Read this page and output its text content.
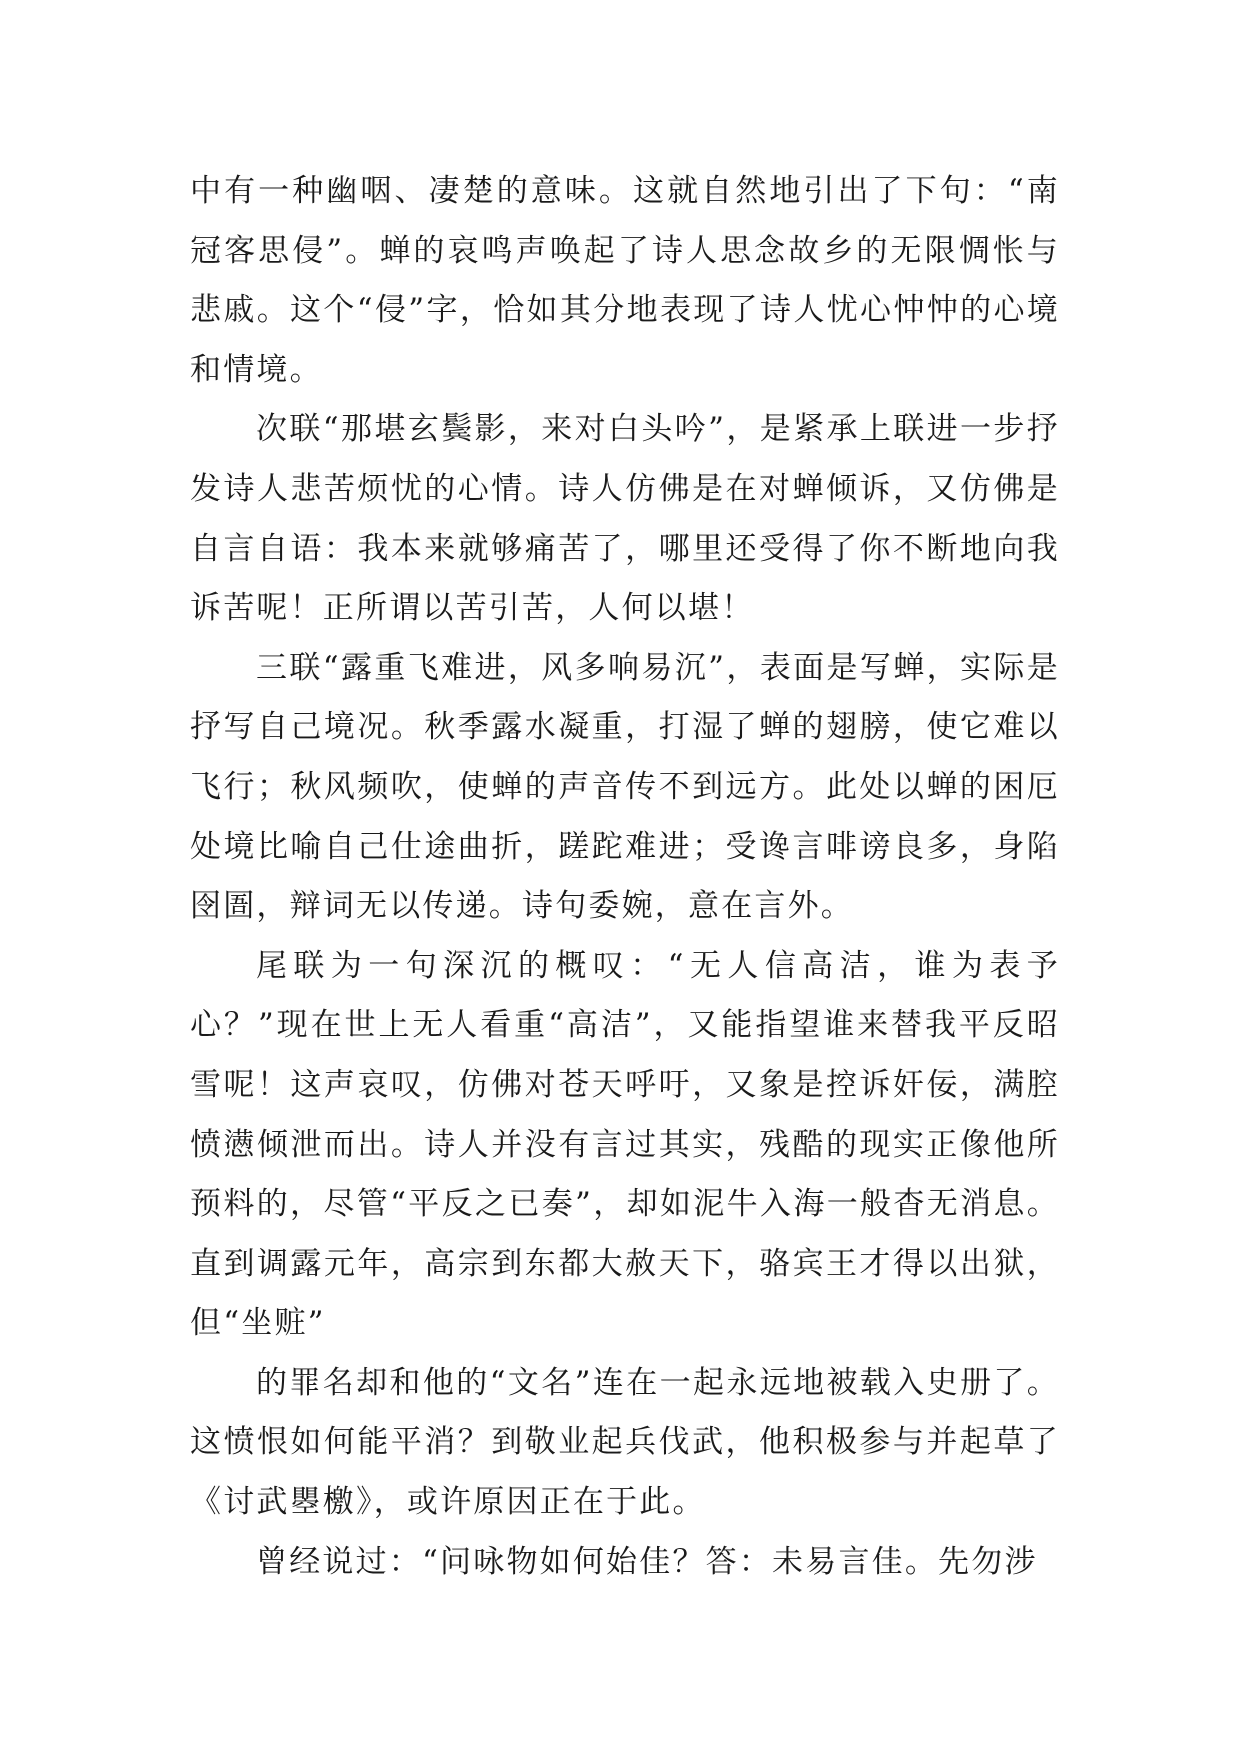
中有一种幽咽、凄楚的意味。这就自然地引出了下句：“南冠客思侵”。蝉的哀鸣声唤起了诗人思念故乡的无限惆怅与悲戚。这个“侵”字，恰如其分地表现了诗人忧心忡忡的心境和情境。

次联“那堪玄鬓影，来对白头吟”，是紧承上联进一步抒发诗人悲苦烦忧的心情。诗人仿佛是在对蝉倾诉，又仿佛是自言自语：我本来就够痛苦了，哪里还受得了你不断地向我诉苦呢！正所谓以苦引苦，人何以堪！

三联“露重飞难进，风多响易沉”，表面是写蝉，实际是抒写自己境况。秋季露水凝重，打湿了蝉的翅膀，使它难以飞行；秋风频吹，使蝉的声音传不到远方。此处以蝉的困厄处境比喻自己仕途曲折，蹉跎难进；受谗言啡谤良多，身陷囹圄，辩词无以传递。诗句委婉，意在言外。

尾联为一句深沉的概叹：“无人信高洁，谁为表予心？”现在世上无人看重“高洁”，又能指望谁来替我平反昭雪呢！这声哀叹，仿佛对苍天呼吁，又象是控诉奸佞，满腔愤懑倾泄而出。诗人并没有言过其实，残酷的现实正像他所预料的，尽管“平反之已奏”，却如泥牛入海一般杳无消息。直到调露元年，高宗到东都大赦天下，骆宾王才得以出狱，但“坐赃”

的罪名却和他的“文名”连在一起永远地被载入史册了。这愤恨如何能平消？到敬业起兵伐武，他积极参与并起草了《讨武瞾檄》，或许原因正在于此。

曾经说过：“问咏物如何始佳？答：未易言佳。先勿涉
